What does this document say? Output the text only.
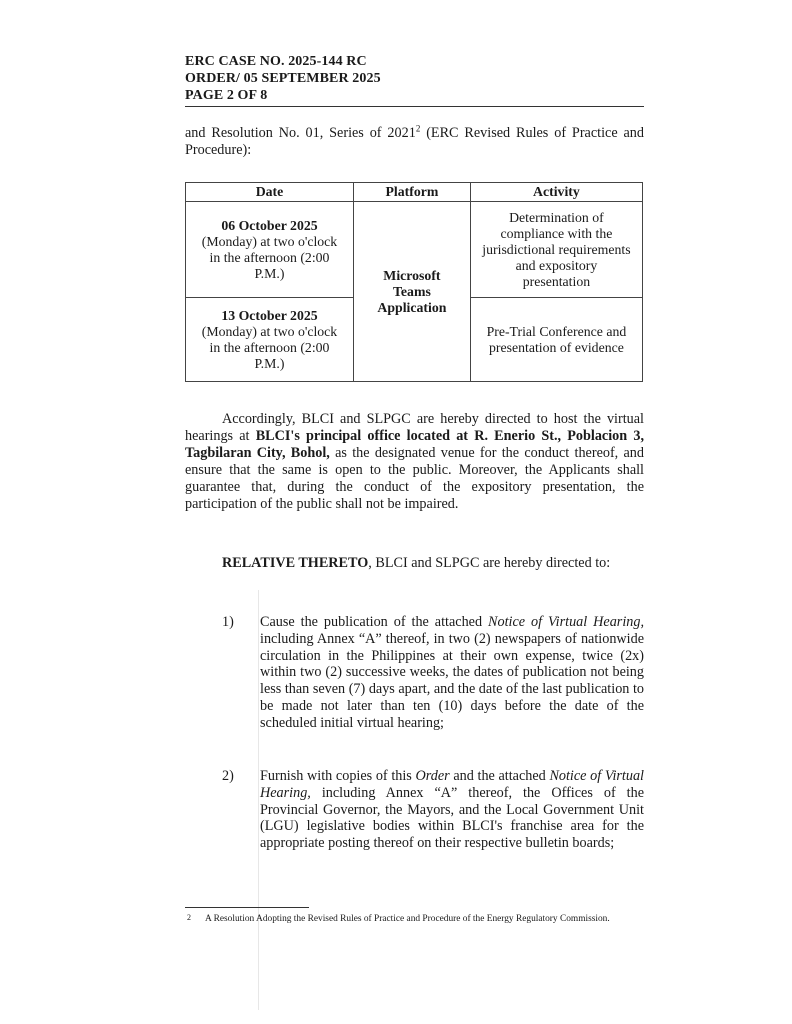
ERC CASE NO. 2025-144 RC
ORDER/ 05 SEPTEMBER 2025
PAGE 2 OF 8
and Resolution No. 01, Series of 2021$^2$ (ERC Revised Rules of Practice and Procedure):
Date	Platform	Activity

06 October 2025
(Monday) at two o'clock in the afternoon (2:00 P.M.)	Microsoft Teams Application	Determination of compliance with the jurisdictional requirements and expository presentation

13 October 2025
(Monday) at two o'clock in the afternoon (2:00 P.M.)		Pre-Trial Conference and presentation of evidence
Accordingly, BLCI and SLPGC are hereby directed to host the virtual hearings at BLCI's principal office located at R. Enerio St., Poblacion 3, Tagbilaran City, Bohol, as the designated venue for the conduct thereof, and ensure that the same is open to the public. Moreover, the Applicants shall guarantee that, during the conduct of the expository presentation, the participation of the public shall not be impaired.
RELATIVE THERETO, BLCI and SLPGC are hereby directed to:
1) Cause the publication of the attached Notice of Virtual Hearing, including Annex “A” thereof, in two (2) newspapers of nationwide circulation in the Philippines at their own expense, twice (2x) within two (2) successive weeks, the dates of publication not being less than seven (7) days apart, and the date of the last publication to be made not later than ten (10) days before the date of the scheduled initial virtual hearing;
2) Furnish with copies of this Order and the attached Notice of Virtual Hearing, including Annex “A” thereof, the Offices of the Provincial Governor, the Mayors, and the Local Government Unit (LGU) legislative bodies within BLCI's franchise area for the appropriate posting thereof on their respective bulletin boards;
2 A Resolution Adopting the Revised Rules of Practice and Procedure of the Energy Regulatory Commission.
